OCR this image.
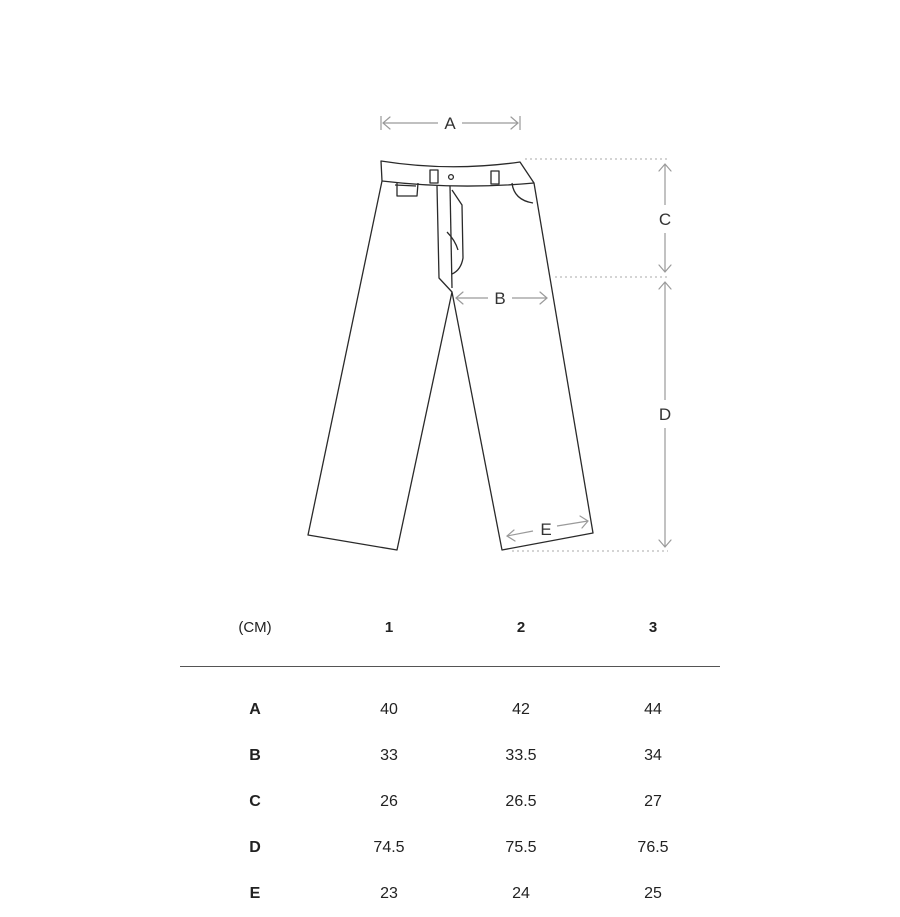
A
B
C
D
E
(CM)	1	2	3
A	40	42	44
B	33	33.5	34
C	26	26.5	27
D	74.5	75.5	76.5
E	23	24	25
